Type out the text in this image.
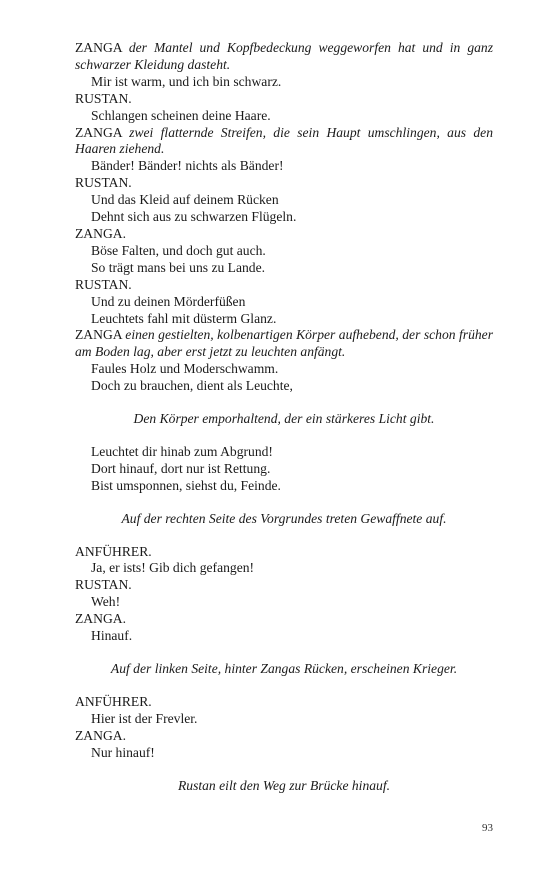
ZANGA der Mantel und Kopfbedeckung weggeworfen hat und in ganz schwarzer Kleidung dasteht.
Mir ist warm, und ich bin schwarz.
RUSTAN.
Schlangen scheinen deine Haare.
ZANGA zwei flatternde Streifen, die sein Haupt umschlingen, aus den Haaren ziehend.
Bänder! Bänder! nichts als Bänder!
RUSTAN.
Und das Kleid auf deinem Rücken
Dehnt sich aus zu schwarzen Flügeln.
ZANGA.
Böse Falten, und doch gut auch.
So trägt mans bei uns zu Lande.
RUSTAN.
Und zu deinen Mörderfüßen
Leuchtets fahl mit düsterm Glanz.
ZANGA einen gestielten, kolbenartigen Körper aufhebend, der schon früher am Boden lag, aber erst jetzt zu leuchten anfängt.
Faules Holz und Moderschwamm.
Doch zu brauchen, dient als Leuchte,
Den Körper emporhaltend, der ein stärkeres Licht gibt.
Leuchtet dir hinab zum Abgrund!
Dort hinauf, dort nur ist Rettung.
Bist umsponnen, siehst du, Feinde.
Auf der rechten Seite des Vorgrundes treten Gewaffnete auf.
ANFÜHRER.
Ja, er ists! Gib dich gefangen!
RUSTAN.
Weh!
ZANGA.
Hinauf.
Auf der linken Seite, hinter Zangas Rücken, erscheinen Krieger.
ANFÜHRER.
Hier ist der Frevler.
ZANGA.
Nur hinauf!
Rustan eilt den Weg zur Brücke hinauf.
93
